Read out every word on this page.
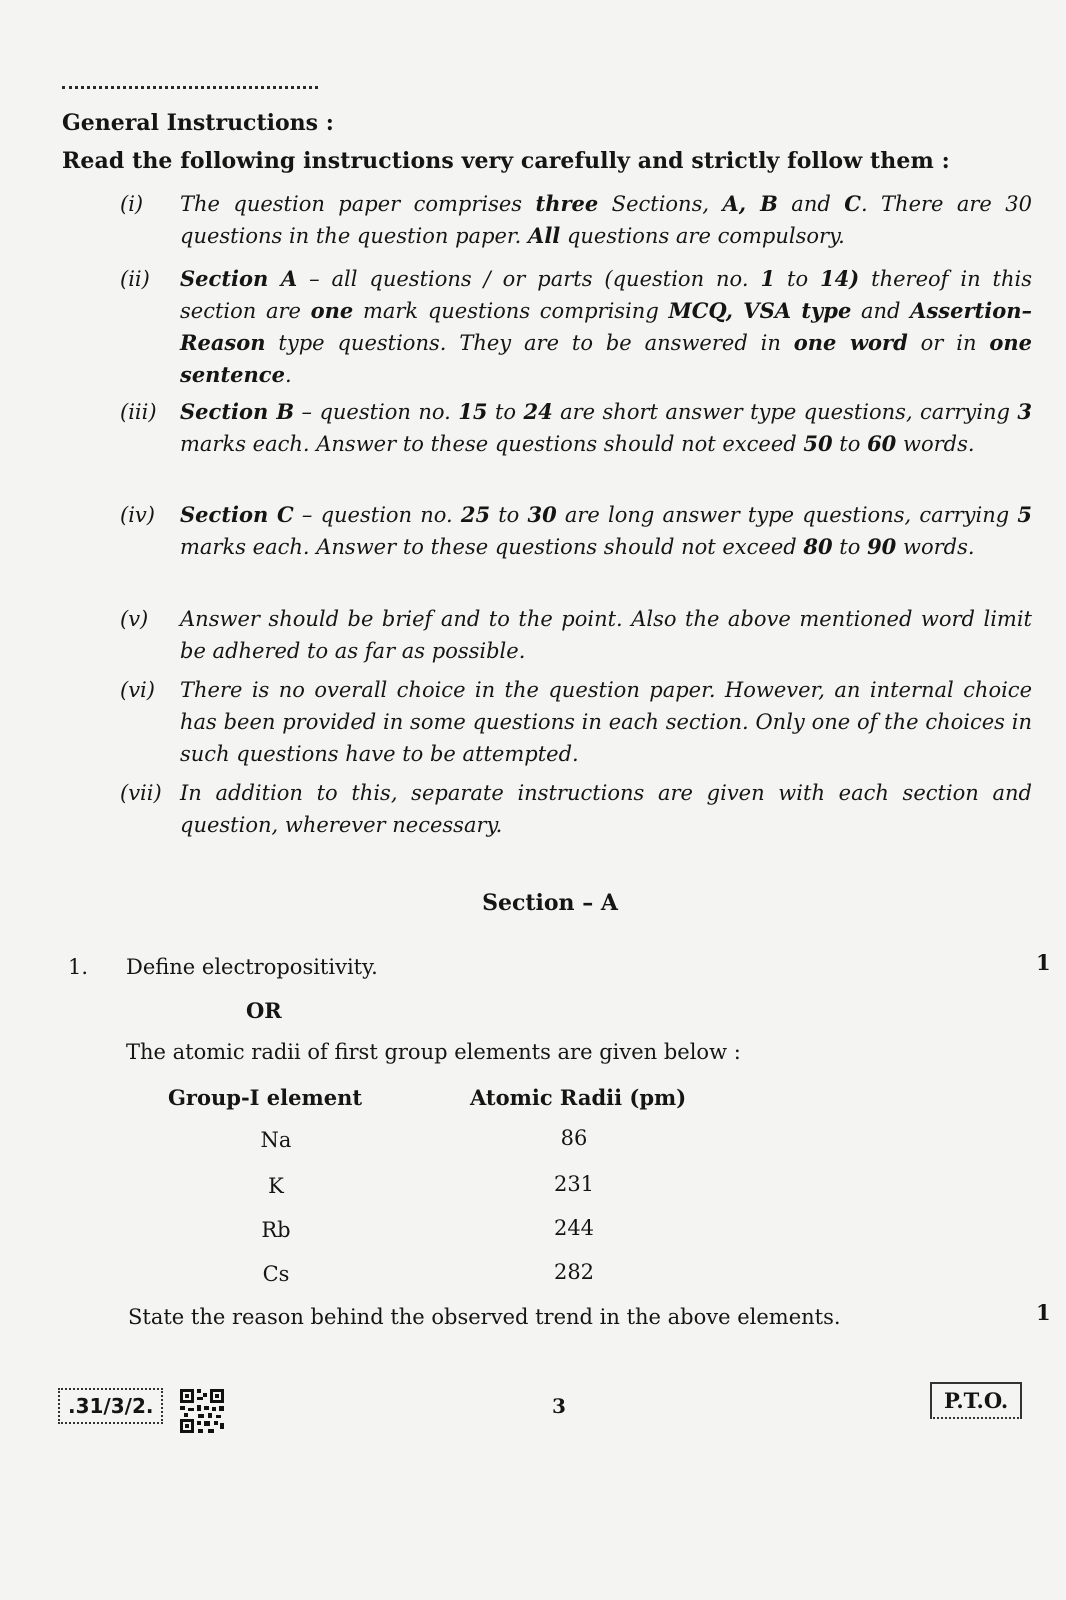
General Instructions :
Read the following instructions very carefully and strictly follow them :
(i) The question paper comprises three Sections, A, B and C. There are 30 questions in the question paper. All questions are compulsory.
(ii) Section A – all questions / or parts (question no. 1 to 14) thereof in this section are one mark questions comprising MCQ, VSA type and Assertion–Reason type questions. They are to be answered in one word or in one sentence.
(iii) Section B – question no. 15 to 24 are short answer type questions, carrying 3 marks each. Answer to these questions should not exceed 50 to 60 words.
(iv) Section C – question no. 25 to 30 are long answer type questions, carrying 5 marks each. Answer to these questions should not exceed 80 to 90 words.
(v) Answer should be brief and to the point. Also the above mentioned word limit be adhered to as far as possible.
(vi) There is no overall choice in the question paper. However, an internal choice has been provided in some questions in each section. Only one of the choices in such questions have to be attempted.
(vii) In addition to this, separate instructions are given with each section and question, wherever necessary.
Section – A
1. Define electropositivity.	1
OR
The atomic radii of first group elements are given below :
Group-I element	Atomic Radii (pm)
Na	86
K	231
Rb	244
Cs	282
State the reason behind the observed trend in the above elements.	1
.31/3/2.	3	P.T.O.
